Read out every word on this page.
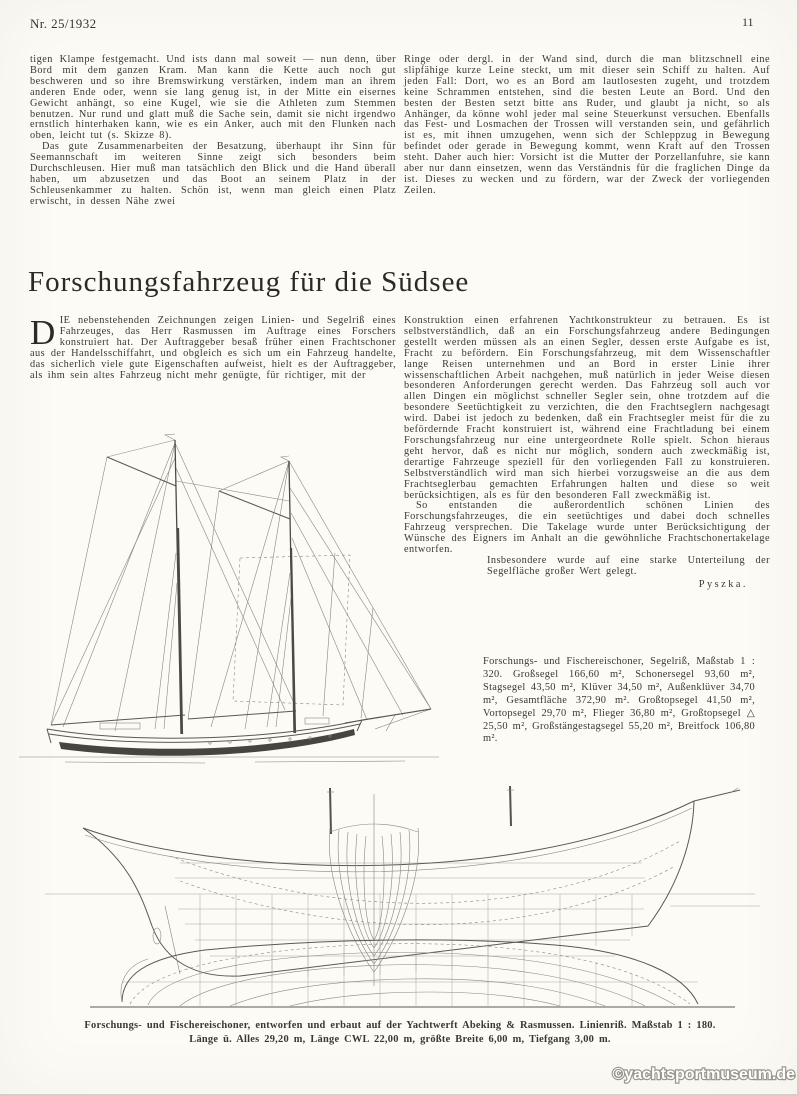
Nr. 25/1932	11

tigen Klampe festgemacht. Und ists dann mal soweit — nun denn, über Bord mit dem ganzen Kram. Man kann die Kette auch noch gut beschweren und so ihre Bremswirkung verstärken, indem man an ihrem anderen Ende oder, wenn sie lang genug ist, in der Mitte ein eisernes Gewicht anhängt, so eine Kugel, wie sie die Athleten zum Stemmen benutzen. Nur rund und glatt muß die Sache sein, damit sie nicht irgendwo ernstlich hinterhaken kann, wie es ein Anker, auch mit den Flunken nach oben, leicht tut (s. Skizze 8).

Das gute Zusammenarbeiten der Besatzung, überhaupt ihr Sinn für Seemannschaft im weiteren Sinne zeigt sich besonders beim Durchschleusen. Hier muß man tatsächlich den Blick und die Hand überall haben, um abzusetzen und das Boot an seinem Platz in der Schleusenkammer zu halten. Schön ist, wenn man gleich einen Platz erwischt, in dessen Nähe zwei

Ringe oder dergl. in der Wand sind, durch die man blitzschnell eine slipfähige kurze Leine steckt, um mit dieser sein Schiff zu halten. Auf jeden Fall: Dort, wo es an Bord am lautlosesten zugeht, und trotzdem keine Schrammen entstehen, sind die besten Leute an Bord. Und den besten der Besten setzt bitte ans Ruder, und glaubt ja nicht, so als Anhänger, da könne wohl jeder mal seine Steuerkunst versuchen. Ebenfalls das Fest- und Losmachen der Trossen will verstanden sein, und gefährlich ist es, mit ihnen umzugehen, wenn sich der Schleppzug in Bewegung befindet oder gerade in Bewegung kommt, wenn Kraft auf den Trossen steht. Daher auch hier: Vorsicht ist die Mutter der Porzellanfuhre, sie kann aber nur dann einsetzen, wenn das Verständnis für die fraglichen Dinge da ist. Dieses zu wecken und zu fördern, war der Zweck der vorliegenden Zeilen.

Forschungsfahrzeug für die Südsee

DIE nebenstehenden Zeichnungen zeigen Linien- und Segelriß eines Fahrzeuges, das Herr Rasmussen im Auftrage eines Forschers konstruiert hat. Der Auftraggeber besaß früher einen Frachtschoner aus der Handelsschiffahrt, und obgleich es sich um ein Fahrzeug handelte, das sicherlich viele gute Eigenschaften aufweist, hielt es der Auftraggeber, als ihm sein altes Fahrzeug nicht mehr genügte, für richtiger, mit der

Konstruktion einen erfahrenen Yachtkonstrukteur zu betrauen. Es ist selbstverständlich, daß an ein Forschungsfahrzeug andere Bedingungen gestellt werden müssen als an einen Segler, dessen erste Aufgabe es ist, Fracht zu befördern. Ein Forschungsfahrzeug, mit dem Wissenschaftler lange Reisen unternehmen und an Bord in erster Linie ihrer wissenschaftlichen Arbeit nachgehen, muß natürlich in jeder Weise diesen besonderen Anforderungen gerecht werden. Das Fahrzeug soll auch vor allen Dingen ein möglichst schneller Segler sein, ohne trotzdem auf die besondere Seetüchtigkeit zu verzichten, die den Frachtseglern nachgesagt wird. Dabei ist jedoch zu bedenken, daß ein Frachtsegler meist für die zu befördernde Fracht konstruiert ist, während eine Frachtladung bei einem Forschungsfahrzeug nur eine untergeordnete Rolle spielt. Schon hieraus geht hervor, daß es nicht nur möglich, sondern auch zweckmäßig ist, derartige Fahrzeuge speziell für den vorliegenden Fall zu konstruieren. Selbstverständlich wird man sich hierbei vorzugsweise an die aus dem Frachtseglerbau gemachten Erfahrungen halten und diese so weit berücksichtigen, als es für den besonderen Fall zweckmäßig ist.

So entstanden die außerordentlich schönen Linien des Forschungsfahrzeuges, die ein seetüchtiges und dabei doch schnelles Fahrzeug versprechen. Die Takelage wurde unter Berücksichtigung der Wünsche des Eigners im Anhalt an die gewöhnliche Frachtschonertakelage entworfen.

Insbesondere wurde auf eine starke Unterteilung der Segelfläche großer Wert gelegt.

Pyszka.

Forschungs- und Fischereischoner, Segelriß, Maßstab 1 : 320. Großsegel 166,60 m², Schonersegel 93,60 m², Stagsegel 43,50 m², Klüver 34,50 m², Außenklüver 34,70 m², Gesamtfläche 372,90 m². Großtopsegel 41,50 m², Vortopsegel 29,70 m², Flieger 36,80 m², Großtopsegel △ 25,50 m², Großstängestagsegel 55,20 m², Breitfock 106,80 m².
Forschungs- und Fischereischoner, entworfen und erbaut auf der Yachtwerft Abeking & Rasmussen. Linienriß. Maßstab 1 : 180.
Länge ü. Alles 29,20 m, Länge CWL 22,00 m, größte Breite 6,00 m, Tiefgang 3,00 m.
©yachtsportmuseum.de
